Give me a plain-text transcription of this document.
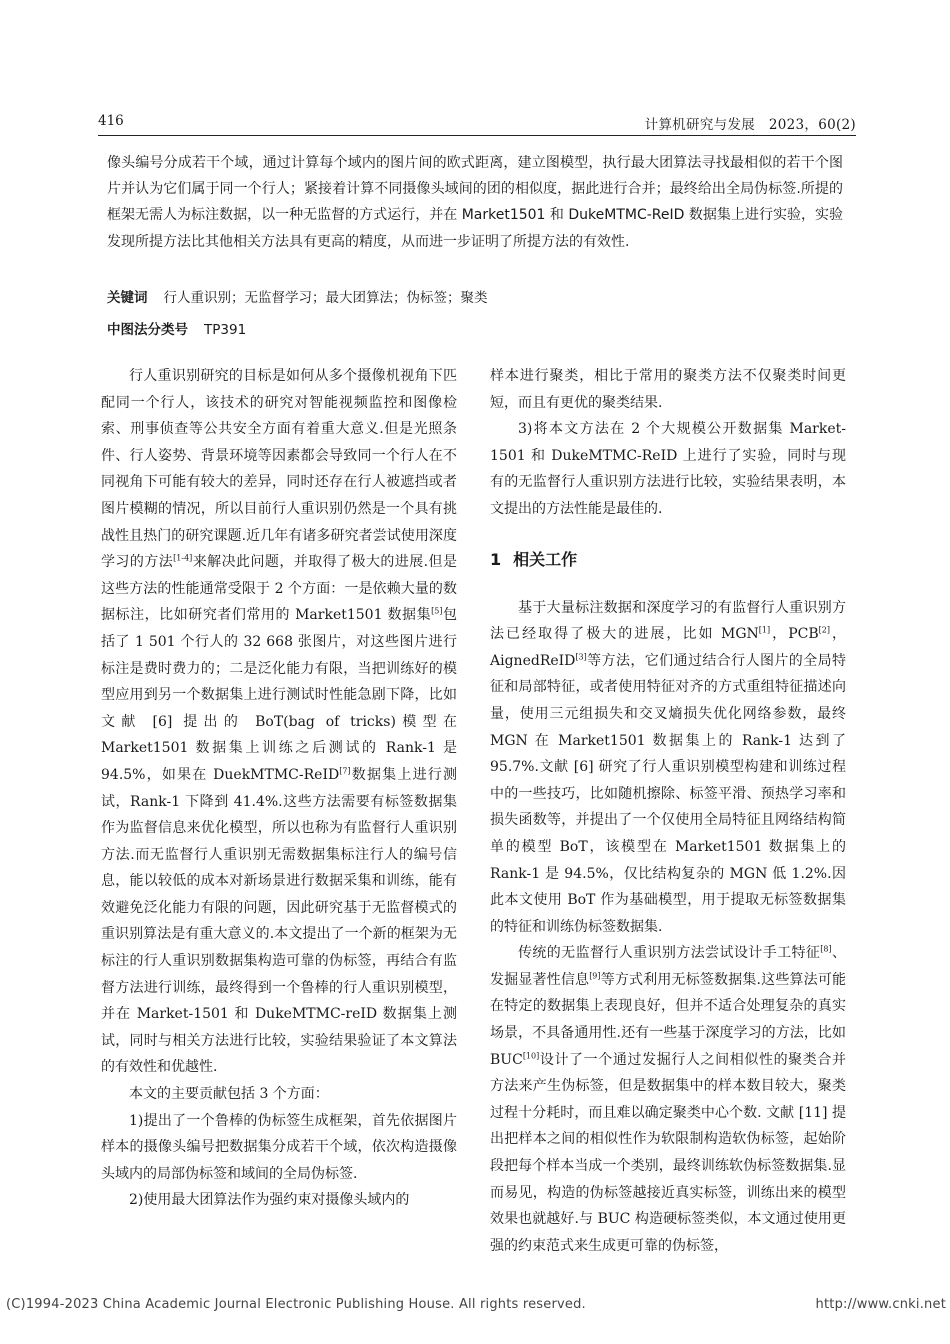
416	计算机研究与发展　2023，60(2)

像头编号分成若干个域，通过计算每个域内的图片间的欧式距离，建立图模型，执行最大团算法寻找最相似的若干个图片并认为它们属于同一个行人；紧接着计算不同摄像头域间的团的相似度，据此进行合并；最终给出全局伪标签.所提的框架无需人为标注数据，以一种无监督的方式运行，并在 Market1501 和 DukeMTMC-ReID 数据集上进行实验，实验发现所提方法比其他相关方法具有更高的精度，从而进一步证明了所提方法的有效性.

关键词 行人重识别；无监督学习；最大团算法；伪标签；聚类
中图法分类号 TP391

行人重识别研究的目标是如何从多个摄像机视角下匹配同一个行人，该技术的研究对智能视频监控和图像检索、刑事侦查等公共安全方面有着重大意义.但是光照条件、行人姿势、背景环境等因素都会导致同一个行人在不同视角下可能有较大的差异，同时还存在行人被遮挡或者图片模糊的情况，所以目前行人重识别仍然是一个具有挑战性且热门的研究课题.近几年有诸多研究者尝试使用深度学习的方法[1-4]来解决此问题，并取得了极大的进展.但是这些方法的性能通常受限于 2 个方面：一是依赖大量的数据标注，比如研究者们常用的 Market1501 数据集[5]包括了 1 501 个行人的 32 668 张图片，对这些图片进行标注是费时费力的；二是泛化能力有限，当把训练好的模型应用到另一个数据集上进行测试时性能急剧下降，比如文献 [6] 提出的 BoT(bag of tricks)模型在 Market1501 数据集上训练之后测试的 Rank-1 是 94.5%，如果在 DuekMTMC-ReID[7]数据集上进行测试，Rank-1 下降到 41.4%.这些方法需要有标签数据集作为监督信息来优化模型，所以也称为有监督行人重识别方法.而无监督行人重识别无需数据集标注行人的编号信息，能以较低的成本对新场景进行数据采集和训练，能有效避免泛化能力有限的问题，因此研究基于无监督模式的重识别算法是有重大意义的.本文提出了一个新的框架为无标注的行人重识别数据集构造可靠的伪标签，再结合有监督方法进行训练，最终得到一个鲁棒的行人重识别模型，并在 Market-1501 和 DukeMTMC-reID 数据集上测试，同时与相关方法进行比较，实验结果验证了本文算法的有效性和优越性.

本文的主要贡献包括 3 个方面：

1)提出了一个鲁棒的伪标签生成框架，首先依据图片样本的摄像头编号把数据集分成若干个域，依次构造摄像头域内的局部伪标签和域间的全局伪标签.

2)使用最大团算法作为强约束对摄像头域内的

样本进行聚类，相比于常用的聚类方法不仅聚类时间更短，而且有更优的聚类结果.

3)将本文方法在 2 个大规模公开数据集 Market-1501 和 DukeMTMC-ReID 上进行了实验，同时与现有的无监督行人重识别方法进行比较，实验结果表明，本文提出的方法性能是最佳的.

1 相关工作

基于大量标注数据和深度学习的有监督行人重识别方法已经取得了极大的进展，比如 MGN[1]，PCB[2]，AignedReID[3]等方法，它们通过结合行人图片的全局特征和局部特征，或者使用特征对齐的方式重组特征描述向量，使用三元组损失和交叉熵损失优化网络参数，最终 MGN 在 Market1501 数据集上的 Rank-1 达到了 95.7%.文献 [6] 研究了行人重识别模型构建和训练过程中的一些技巧，比如随机擦除、标签平滑、预热学习率和损失函数等，并提出了一个仅使用全局特征且网络结构简单的模型 BoT，该模型在 Market1501 数据集上的 Rank-1 是 94.5%，仅比结构复杂的 MGN 低 1.2%.因此本文使用 BoT 作为基础模型，用于提取无标签数据集的特征和训练伪标签数据集.

传统的无监督行人重识别方法尝试设计手工特征[8]、发掘显著性信息[9]等方式利用无标签数据集.这些算法可能在特定的数据集上表现良好，但并不适合处理复杂的真实场景，不具备通用性.还有一些基于深度学习的方法，比如 BUC[10]设计了一个通过发掘行人之间相似性的聚类合并方法来产生伪标签，但是数据集中的样本数目较大，聚类过程十分耗时，而且难以确定聚类中心个数. 文献 [11] 提出把样本之间的相似性作为软限制构造软伪标签，起始阶段把每个样本当成一个类别，最终训练软伪标签数据集.显而易见，构造的伪标签越接近真实标签，训练出来的模型效果也就越好.与 BUC 构造硬标签类似，本文通过使用更强的约束范式来生成更可靠的伪标签，

(C)1994-2023 China Academic Journal Electronic Publishing House. All rights reserved.	http://www.cnki.net
